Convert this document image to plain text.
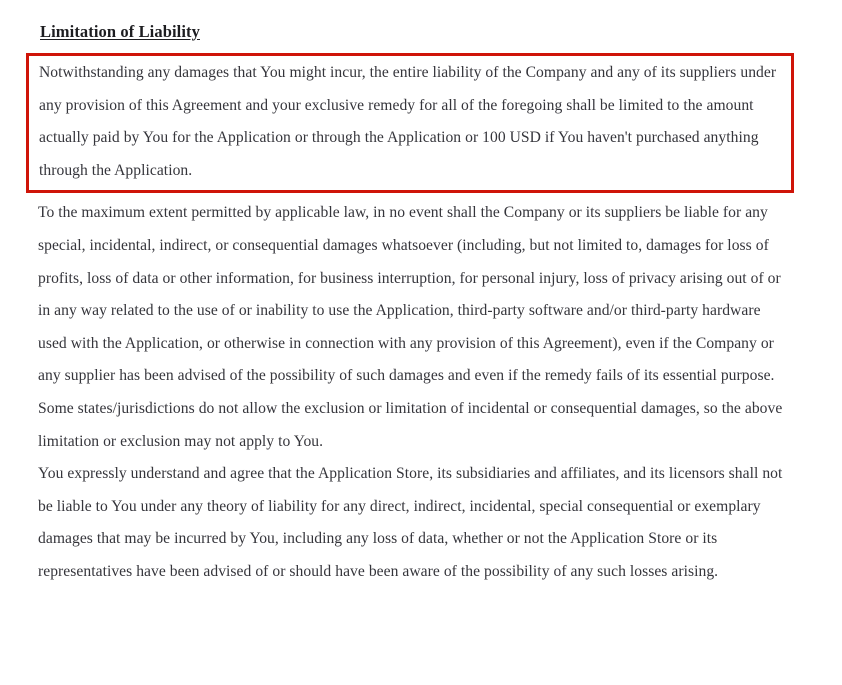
Limitation of Liability

Notwithstanding any damages that You might incur, the entire liability of the Company and any of its suppliers under any provision of this Agreement and your exclusive remedy for all of the foregoing shall be limited to the amount actually paid by You for the Application or through the Application or 100 USD if You haven't purchased anything through the Application.

To the maximum extent permitted by applicable law, in no event shall the Company or its suppliers be liable for any special, incidental, indirect, or consequential damages whatsoever (including, but not limited to, damages for loss of profits, loss of data or other information, for business interruption, for personal injury, loss of privacy arising out of or in any way related to the use of or inability to use the Application, third-party software and/or third-party hardware used with the Application, or otherwise in connection with any provision of this Agreement), even if the Company or any supplier has been advised of the possibility of such damages and even if the remedy fails of its essential purpose.

Some states/jurisdictions do not allow the exclusion or limitation of incidental or consequential damages, so the above limitation or exclusion may not apply to You.

You expressly understand and agree that the Application Store, its subsidiaries and affiliates, and its licensors shall not be liable to You under any theory of liability for any direct, indirect, incidental, special consequential or exemplary damages that may be incurred by You, including any loss of data, whether or not the Application Store or its representatives have been advised of or should have been aware of the possibility of any such losses arising.
